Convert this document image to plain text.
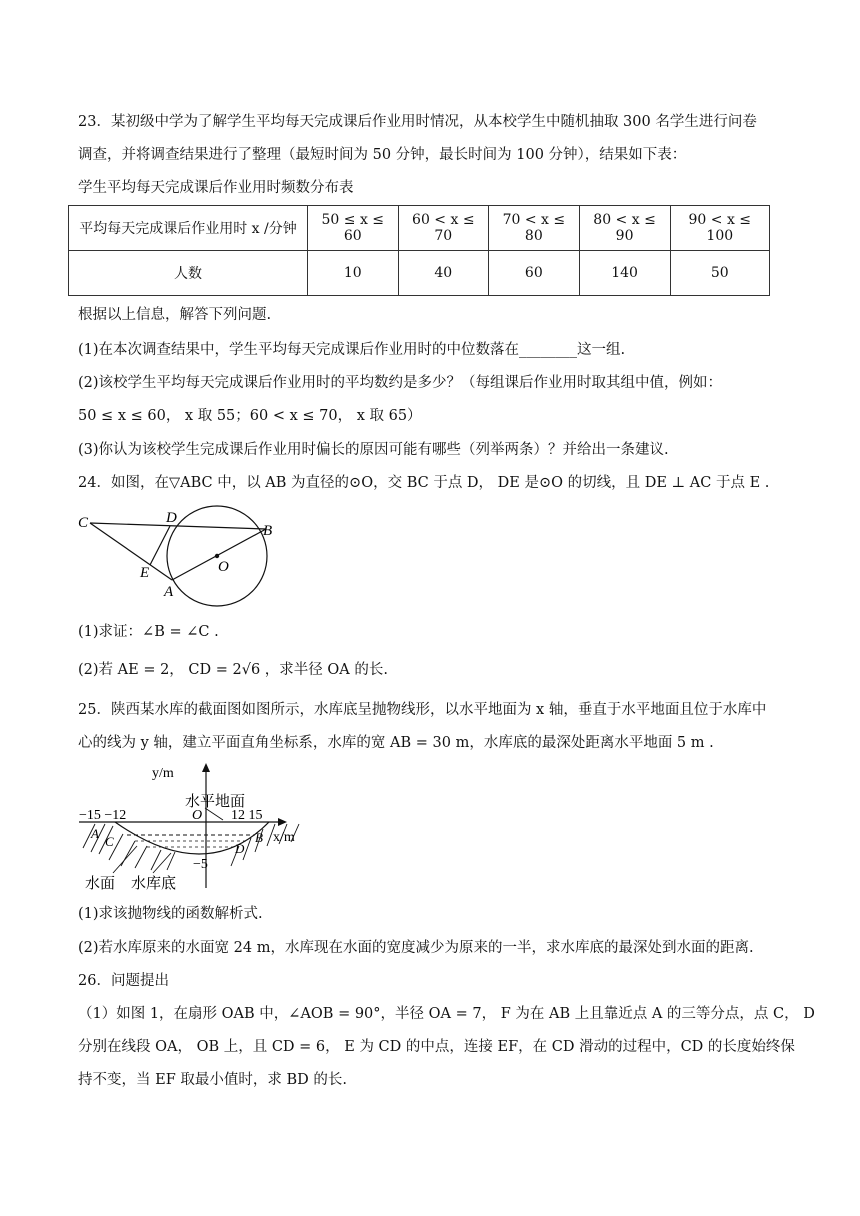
23．某初级中学为了解学生平均每天完成课后作业用时情况，从本校学生中随机抽取 300 名学生进行问卷
调查，并将调查结果进行了整理（最短时间为 50 分钟，最长时间为 100 分钟），结果如下表：
学生平均每天完成课后作业用时频数分布表
平均每天完成课后作业用时 x /分钟	50 ≤ x ≤ 60	60 < x ≤ 70	70 < x ≤ 80	80 < x ≤ 90	90 < x ≤ 100
人数	10	40	60	140	50
根据以上信息，解答下列问题.
(1)在本次调查结果中，学生平均每天完成课后作业用时的中位数落在________这一组.
(2)该校学生平均每天完成课后作业用时的平均数约是多少？（每组课后作业用时取其组中值，例如：
50 ≤ x ≤ 60， x 取 55；60 < x ≤ 70， x 取 65）
(3)你认为该校学生完成课后作业用时偏长的原因可能有哪些（列举两条）？并给出一条建议.
24．如图，在▽ABC 中，以 AB 为直径的⊙O，交 BC 于点 D， DE 是⊙O 的切线，且 DE ⊥ AC 于点 E .
C	D
B
E	O
A
(1)求证：∠B = ∠C .
(2)若 AE = 2， CD = 2√6 ，求半径 OA 的长.
25．陕西某水库的截面图如图所示，水库底呈抛物线形，以水平地面为 x 轴，垂直于水平地面且位于水库中
心的线为 y 轴，建立平面直角坐标系，水库的宽 AB = 30 m，水库底的最深处距离水平地面 5 m .
y/m
x/m
水平地面
−15 −12	O 12 15
A
C	B
D
−5
水面 水库底
(1)求该抛物线的函数解析式.
(2)若水库原来的水面宽 24 m，水库现在水面的宽度减少为原来的一半，求水库底的最深处到水面的距离.
26．问题提出
（1）如图 1，在扇形 OAB 中，∠AOB = 90°，半径 OA = 7， F 为在 AB 上且靠近点 A 的三等分点，点 C， D
分别在线段 OA， OB 上，且 CD = 6， E 为 CD 的中点，连接 EF，在 CD 滑动的过程中，CD 的长度始终保
持不变，当 EF 取最小值时，求 BD 的长.
